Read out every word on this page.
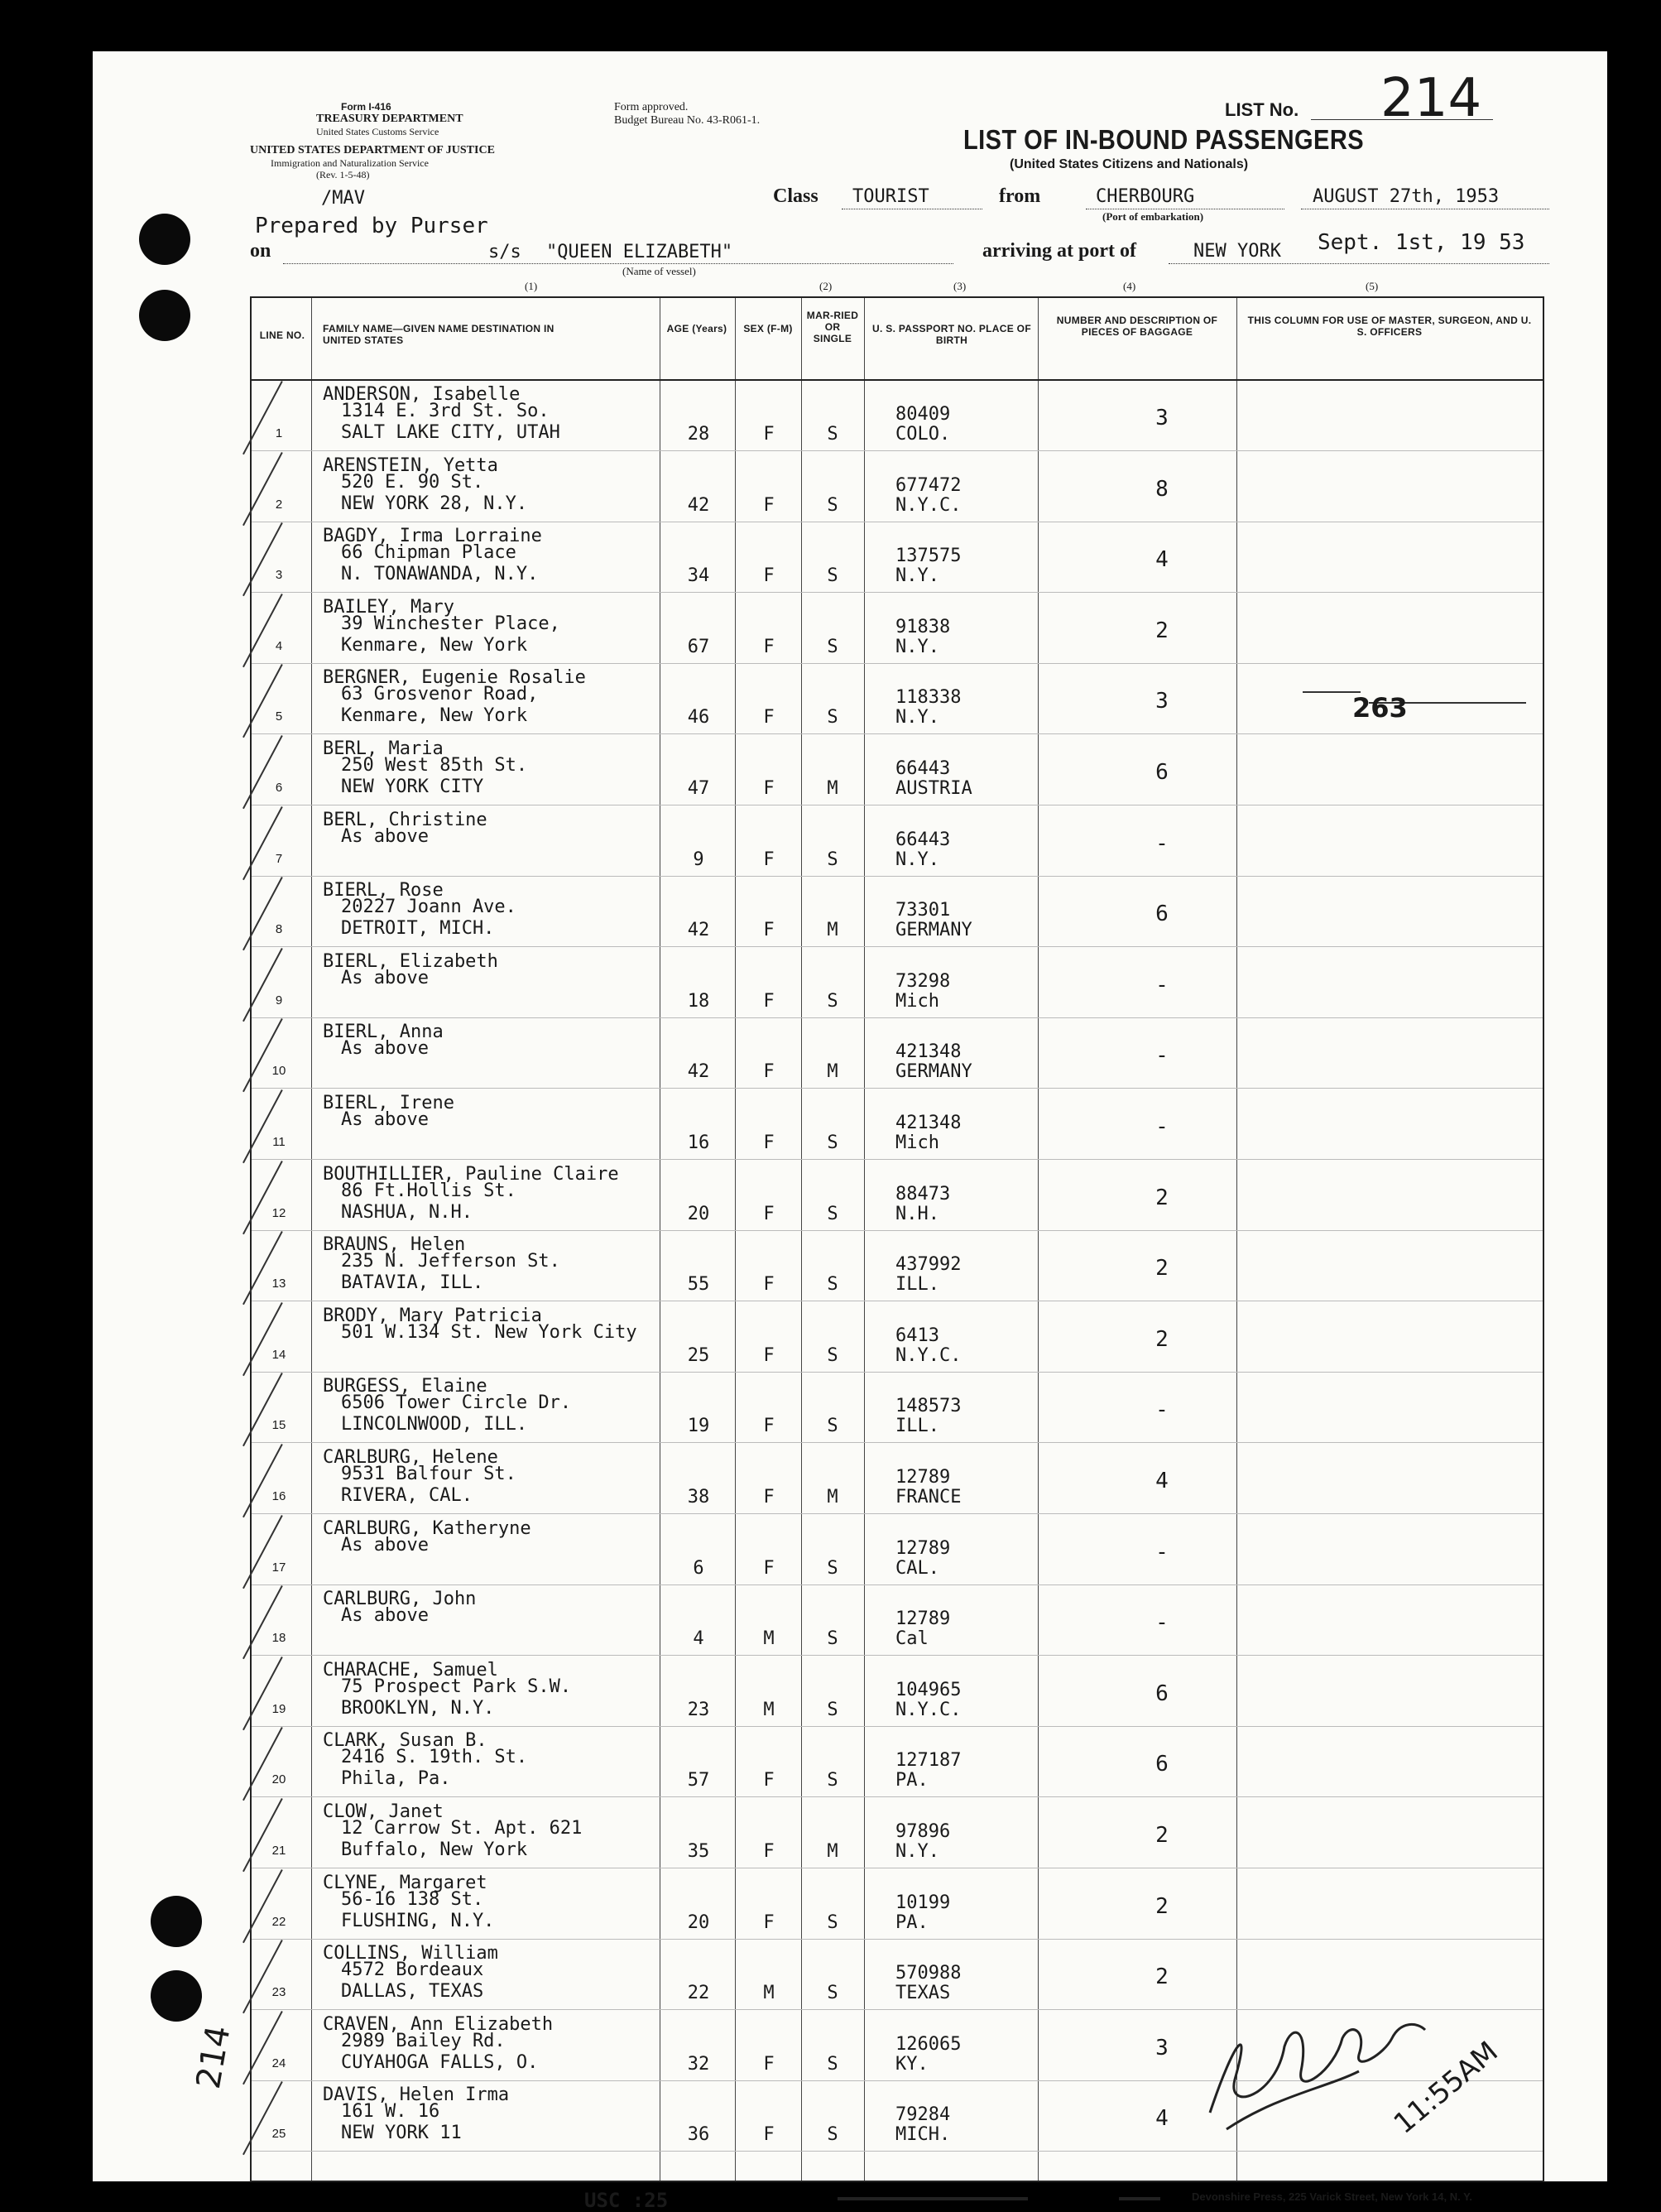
Form I-416
TREASURY DEPARTMENT
United States Customs Service
UNITED STATES DEPARTMENT OF JUSTICE
Immigration and Naturalization Service
(Rev. 1-5-48)
Form approved.
Budget Bureau No. 43-R061-1.
LIST No. 214
LIST OF IN-BOUND PASSENGERS
(United States Citizens and Nationals)
/MAV	Class TOURIST	from	CHERBOURG
(Port of embarkation)
AUGUST 27th, 1953
Prepared by Purser
on	s/s "QUEEN ELIZABETH"
(Name of vessel)
arriving at port of	NEW YORK Sept. 1st, 19 53
(1)	(2)	(3)	(4)	(5)
LINE NO.
FAMILY NAME—GIVEN NAME DESTINATION IN UNITED STATES
AGE (Years)	SEX (F-M)
MAR-RIED OR SINGLE
U. S. PASSPORT NO. PLACE OF BIRTH
NUMBER AND DESCRIPTION OF PIECES OF BAGGAGE
THIS COLUMN FOR USE OF MASTER, SURGEON, AND U. S. OFFICERS
1
ANDERSON, Isabelle
1314 E. 3rd St. So.
SALT LAKE CITY, UTAH	28	F	S
80409
COLO.
3
2
ARENSTEIN, Yetta
520 E. 90 St.
NEW YORK 28, N.Y.	42	F	S
677472
N.Y.C.
8
3
BAGDY, Irma Lorraine
66 Chipman Place
N. TONAWANDA, N.Y.	34	F	S
137575
N.Y.
4
4
BAILEY, Mary
39 Winchester Place,
Kenmare, New York	67	F	S
91838
N.Y.
2
5
BERGNER, Eugenie Rosalie
63 Grosvenor Road,
Kenmare, New York	46	F	S
118338
N.Y.
3
6
BERL, Maria
250 West 85th St.
NEW YORK CITY	47	F	M
66443
AUSTRIA
6
7
BERL, Christine
As above
9	F	S
66443
N.Y.
-
8
BIERL, Rose
20227 Joann Ave.
DETROIT, MICH.	42	F	M
73301
GERMANY
6
9
BIERL, Elizabeth
As above
18	F	S
73298
Mich
-
10
BIERL, Anna
As above
42	F	M
421348
GERMANY
-
11
BIERL, Irene
As above
16	F	S
421348
Mich
-
12
BOUTHILLIER, Pauline Claire
86 Ft.Hollis St.
NASHUA, N.H.	20	F	S
88473
N.H.
2
13
BRAUNS, Helen
235 N. Jefferson St.
BATAVIA, ILL.	55	F	S
437992
ILL.
2
14
BRODY, Mary Patricia
501 W.134 St. New York City
25	F	S
6413
N.Y.C.
2
15
BURGESS, Elaine
6506 Tower Circle Dr.
LINCOLNWOOD, ILL.	19	F	S
148573
ILL.
-
16
CARLBURG, Helene
9531 Balfour St.
RIVERA, CAL.	38	F	M
12789
FRANCE
4
17
CARLBURG, Katheryne
As above
6	F	S
12789
CAL.
-
18
CARLBURG, John
As above
4	M	S
12789
Cal
-
19
CHARACHE, Samuel
75 Prospect Park S.W.
BROOKLYN, N.Y.	23	M	S
104965
N.Y.C.
6
20
CLARK, Susan B.
2416 S. 19th. St.
Phila, Pa.	57	F	S
127187
PA.
6
21
CLOW, Janet
12 Carrow St. Apt. 621
Buffalo, New York	35	F	M
97896
N.Y.
2
22
CLYNE, Margaret
56-16 138 St.
FLUSHING, N.Y.	20	F	S
10199
PA.
2
23
COLLINS, William
4572 Bordeaux
DALLAS, TEXAS	22	M	S
570988
TEXAS
2
24
CRAVEN, Ann Elizabeth
2989 Bailey Rd.
CUYAHOGA FALLS, O.	32	F	S
126065
KY.
3
25
DAVIS, Helen Irma
161 W. 16
NEW YORK 11	36	F	S
79284
MICH.
4
263
214	11:55AM
USC :25	Devonshire Press, 225 Varick Street, New York 14, N. Y.
